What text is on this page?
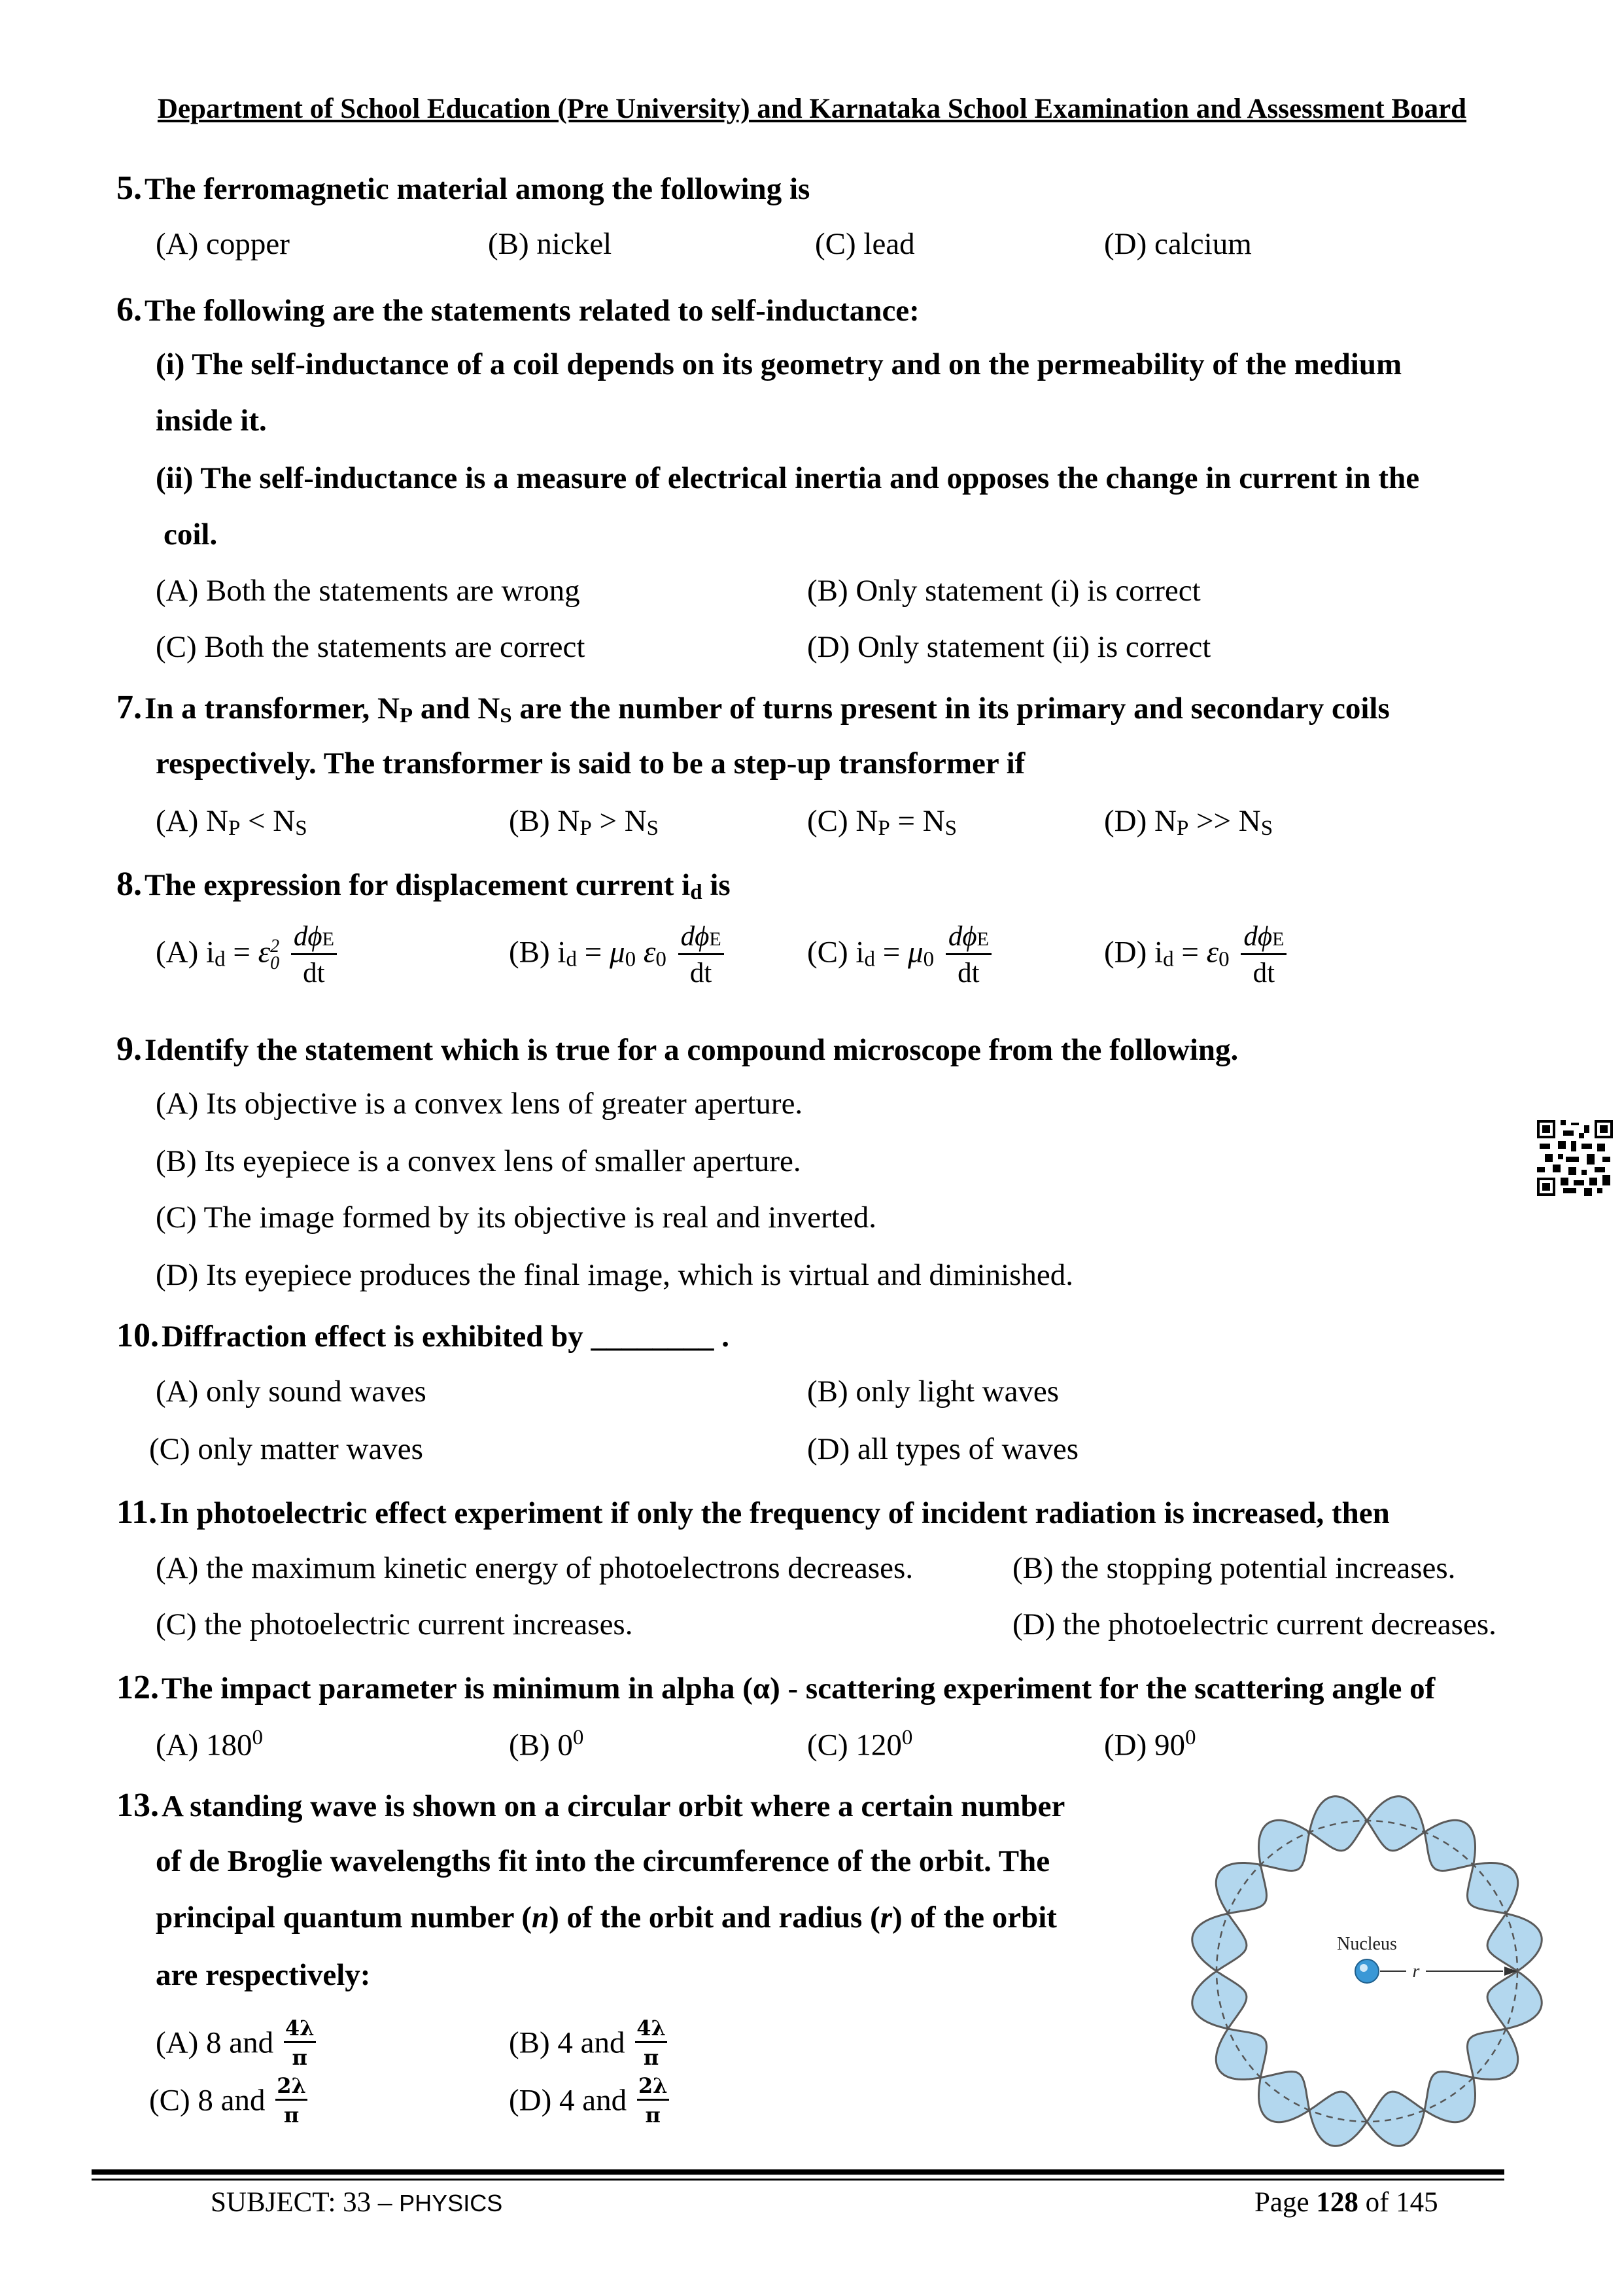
Department of School Education (Pre University) and Karnataka School Examination and Assessment Board
5. The ferromagnetic material among the following is
(A) copper	(B) nickel	(C) lead	(D) calcium
6. The following are the statements related to self-inductance:
(i) The self-inductance of a coil depends on its geometry and on the permeability of the medium
inside it.
(ii) The self-inductance is a measure of electrical inertia and opposes the change in current in the
coil.
(A) Both the statements are wrong	(B) Only statement (i) is correct
(C) Both the statements are correct	(D) Only statement (ii) is correct
7. In a transformer, NP and NS are the number of turns present in its primary and secondary coils
respectively. The transformer is said to be a step-up transformer if
(A) NP < NS	(B) NP > NS	(C) NP = NS	(D) NP >> NS
8. The expression for displacement current id is
(A) id = ε 2
0
$\frac{\text{dϕE}}{dt}$	(B) id = μ0 $\varepsilon 0 \frac{\text{dϕE}}{dt}$	(C) id = $\mu 0 \frac{\text{dϕE}}{dt}$	(D) id = $\varepsilon 0 \frac{\text{dϕE}}{dt}$
9. Identify the statement which is true for a compound microscope from the following.
(A) Its objective is a convex lens of greater aperture.
(B) Its eyepiece is a convex lens of smaller aperture.
(C) The image formed by its objective is real and inverted.
(D) Its eyepiece produces the final image, which is virtual and diminished.
10. Diffraction effect is exhibited by ________ .
(A) only sound waves	(B) only light waves
(C) only matter waves	(D) all types of waves
11. In photoelectric effect experiment if only the frequency of incident radiation is increased, then
(A) the maximum kinetic energy of photoelectrons decreases.	(B) the stopping potential increases.
(C) the photoelectric current increases.	(D) the photoelectric current decreases.
12. The impact parameter is minimum in alpha (α) - scattering experiment for the scattering angle of
(A) $180^0$	(B) $0^0$	(C) $120^0$	(D) $90^0$
13. A standing wave is shown on a circular orbit where a certain number
of de Broglie wavelengths fit into the circumference of the orbit. The
principal quantum number (n) of the orbit and radius (r) of the orbit
are respectively:
(A) 8 and $\frac{4\lambda}{\pi}$	(B) 4 and $\frac{4\lambda}{\pi}$
(C) 8 and $\frac{2\lambda}{\pi}$	(D) 4 and $\frac{2\lambda}{\pi}$
Nucleus
r
SUBJECT: 33 – PHYSICS	Page 128 of 145
